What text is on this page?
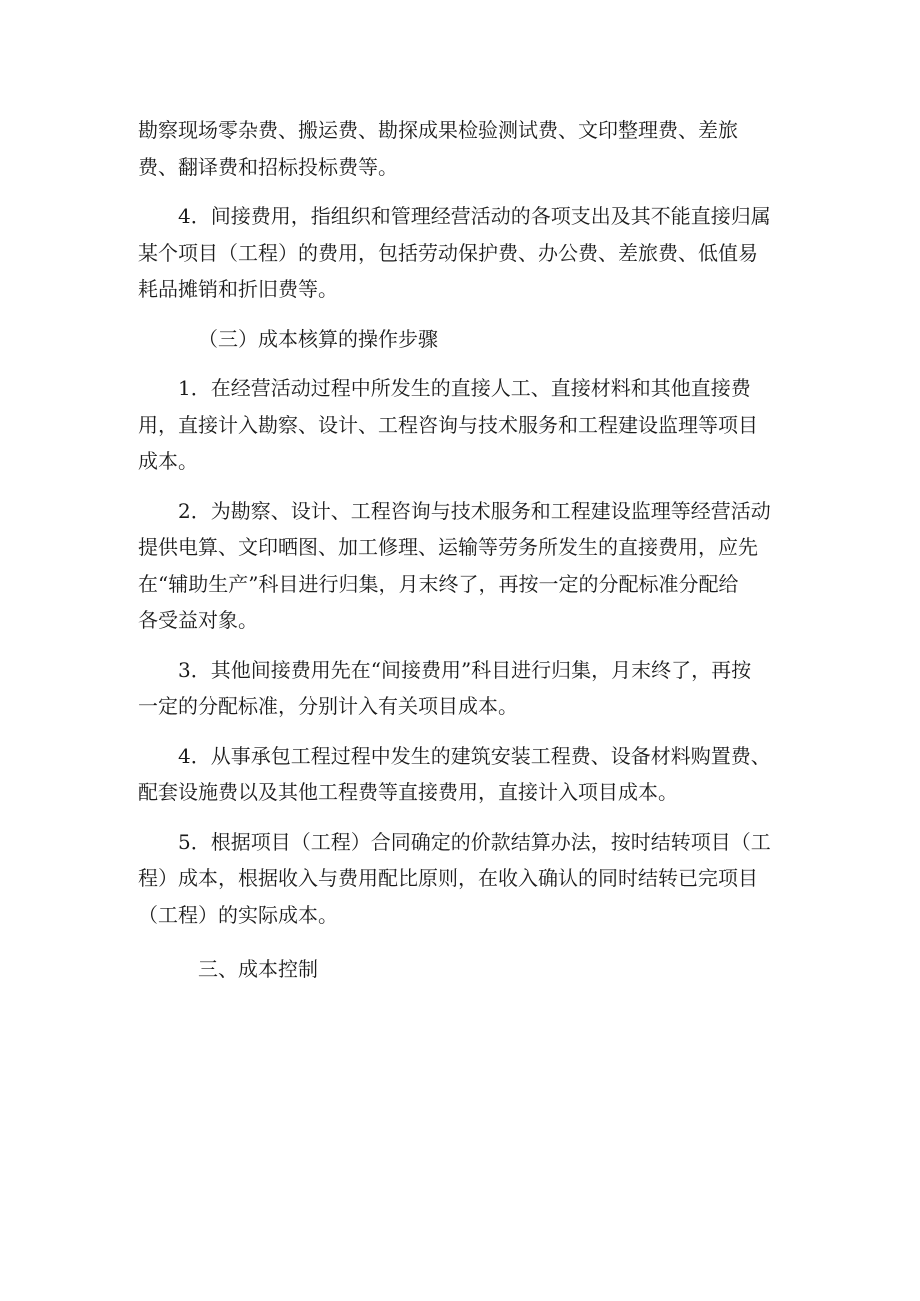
勘察现场零杂费、搬运费、勘探成果检验测试费、文印整理费、差旅
费、翻译费和招标投标费等。

4．间接费用，指组织和管理经营活动的各项支出及其不能直接归属
某个项目（工程）的费用，包括劳动保护费、办公费、差旅费、低值易
耗品摊销和折旧费等。

（三）成本核算的操作步骤

1．在经营活动过程中所发生的直接人工、直接材料和其他直接费
用，直接计入勘察、设计、工程咨询与技术服务和工程建设监理等项目
成本。

2．为勘察、设计、工程咨询与技术服务和工程建设监理等经营活动
提供电算、文印晒图、加工修理、运输等劳务所发生的直接费用，应先
在“辅助生产”科目进行归集，月末终了，再按一定的分配标准分配给
各受益对象。

3．其他间接费用先在“间接费用”科目进行归集，月末终了，再按
一定的分配标准，分别计入有关项目成本。

4．从事承包工程过程中发生的建筑安装工程费、设备材料购置费、
配套设施费以及其他工程费等直接费用，直接计入项目成本。

5．根据项目（工程）合同确定的价款结算办法，按时结转项目（工
程）成本，根据收入与费用配比原则，在收入确认的同时结转已完项目
（工程）的实际成本。

三、成本控制
